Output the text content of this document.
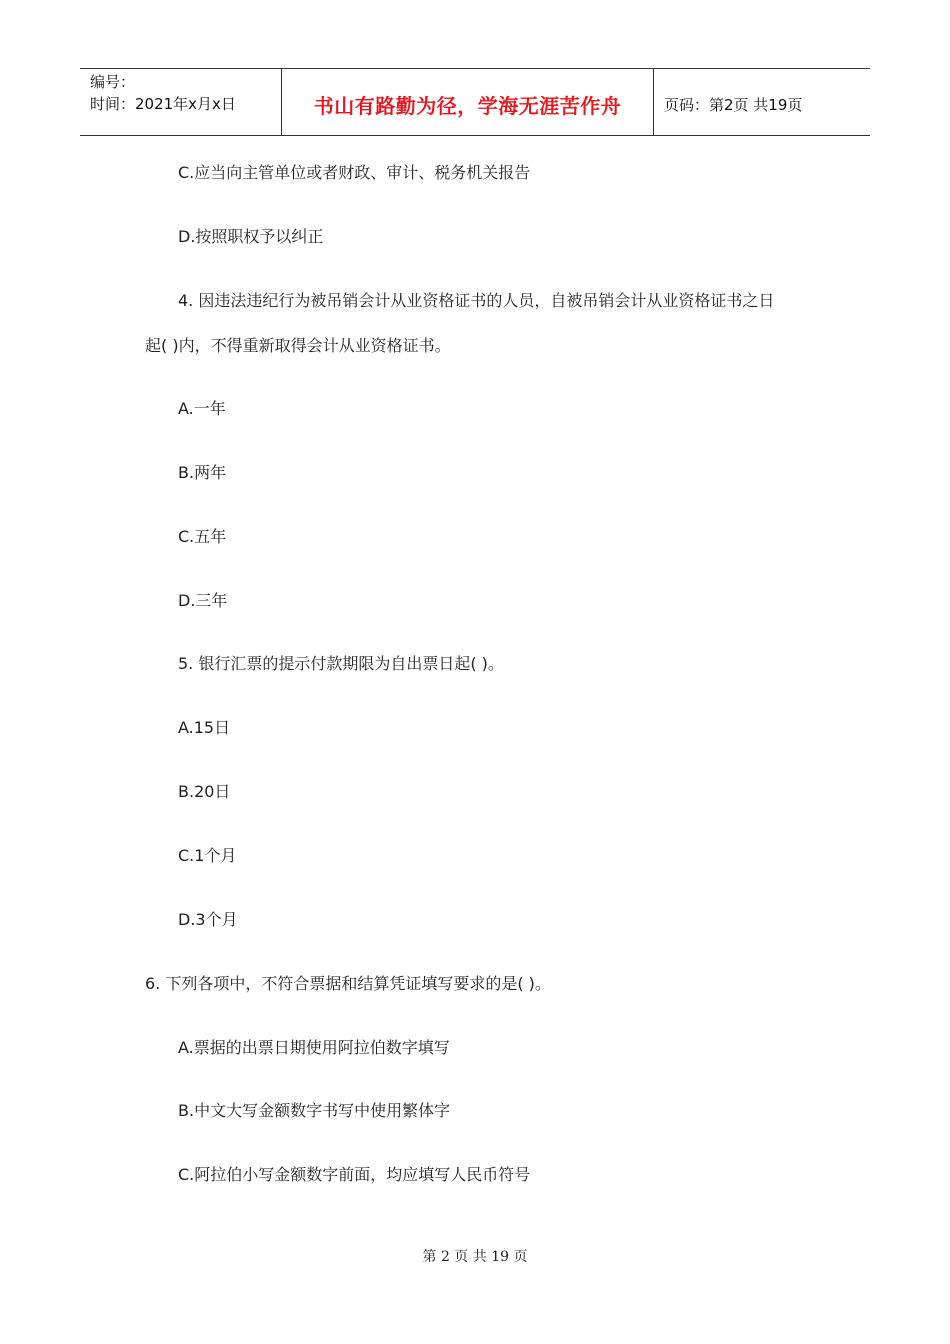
编号：
时间：2021年x月x日	书山有路勤为径，学海无涯苦作舟	页码：第2页 共19页
C.应当向主管单位或者财政、审计、税务机关报告
D.按照职权予以纠正
4. 因违法违纪行为被吊销会计从业资格证书的人员，自被吊销会计从业资格证书之日
起( )内，不得重新取得会计从业资格证书。
A.一年
B.两年
C.五年
D.三年
5. 银行汇票的提示付款期限为自出票日起( )。
A.15日
B.20日
C.1个月
D.3个月
6. 下列各项中，不符合票据和结算凭证填写要求的是( )。
A.票据的出票日期使用阿拉伯数字填写
B.中文大写金额数字书写中使用繁体字
C.阿拉伯小写金额数字前面，均应填写人民币符号
第 2 页 共 19 页
